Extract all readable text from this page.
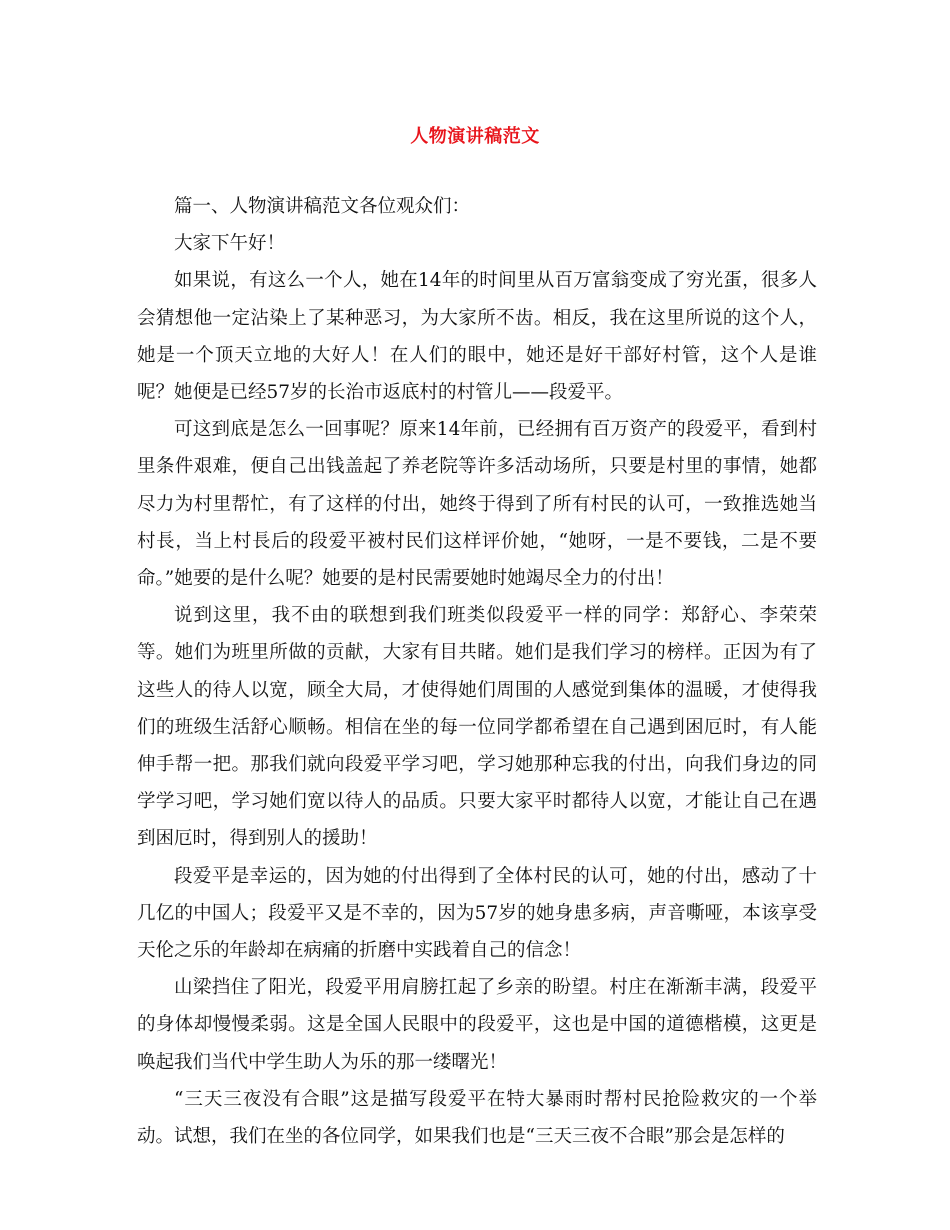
人物演讲稿范文

篇一、人物演讲稿范文各位观众们：

大家下午好！

如果说，有这么一个人，她在14年的时间里从百万富翁变成了穷光蛋，很多人会猜想他一定沾染上了某种恶习，为大家所不齿。相反，我在这里所说的这个人，她是一个顶天立地的大好人！在人们的眼中，她还是好干部好村管，这个人是谁呢？她便是已经57岁的长治市返底村的村管儿——段爱平。

可这到底是怎么一回事呢？原来14年前，已经拥有百万资产的段爱平，看到村里条件艰难，便自己出钱盖起了养老院等许多活动场所，只要是村里的事情，她都尽力为村里帮忙，有了这样的付出，她终于得到了所有村民的认可，一致推选她当村長，当上村長后的段爱平被村民们这样评价她，“她呀，一是不要钱，二是不要命。”她要的是什么呢？她要的是村民需要她时她竭尽全力的付出！

说到这里，我不由的联想到我们班类似段爱平一样的同学：郑舒心、李荣荣等。她们为班里所做的贡献，大家有目共睹。她们是我们学习的榜样。正因为有了这些人的待人以宽，顾全大局，才使得她们周围的人感觉到集体的温暖，才使得我们的班级生活舒心顺畅。相信在坐的每一位同学都希望在自己遇到困厄时，有人能伸手帮一把。那我们就向段爱平学习吧，学习她那种忘我的付出，向我们身边的同学学习吧，学习她们宽以待人的品质。只要大家平时都待人以宽，才能让自己在遇到困厄时，得到别人的援助！

段爱平是幸运的，因为她的付出得到了全体村民的认可，她的付出，感动了十几亿的中国人；段爱平又是不幸的，因为57岁的她身患多病，声音嘶哑，本该享受天伦之乐的年龄却在病痛的折磨中实践着自己的信念！

山梁挡住了阳光，段爱平用肩膀扛起了乡亲的盼望。村庄在渐渐丰满，段爱平的身体却慢慢柔弱。这是全国人民眼中的段爱平，这也是中国的道德楷模，这更是唤起我们当代中学生助人为乐的那一缕曙光！

“三天三夜没有合眼”这是描写段爱平在特大暴雨时帮村民抢险救灾的一个举动。试想，我们在坐的各位同学，如果我们也是“三天三夜不合眼”那会是怎样的
